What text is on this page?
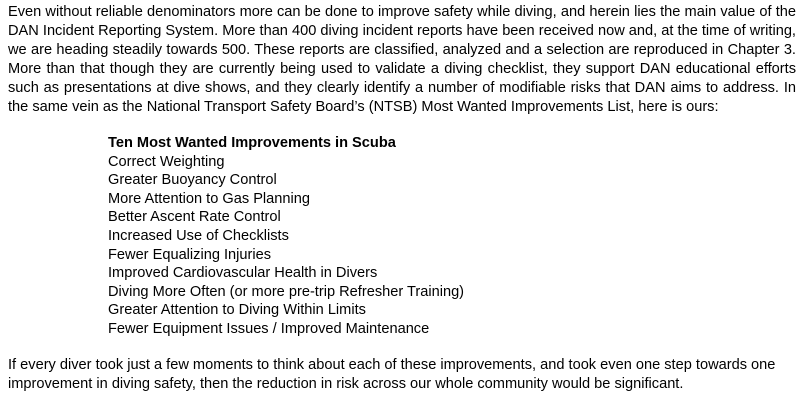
Even without reliable denominators more can be done to improve safety while diving, and herein lies the main value of the DAN Incident Reporting System. More than 400 diving incident reports have been received now and, at the time of writing, we are heading steadily towards 500. These reports are classified, analyzed and a selection are reproduced in Chapter 3. More than that though they are currently being used to validate a diving checklist, they support DAN educational efforts such as presentations at dive shows, and they clearly identify a number of modifiable risks that DAN aims to address. In the same vein as the National Transport Safety Board’s (NTSB) Most Wanted Improvements List, here is ours:

Ten Most Wanted Improvements in Scuba

Correct Weighting
Greater Buoyancy Control
More Attention to Gas Planning
Better Ascent Rate Control
Increased Use of Checklists
Fewer Equalizing Injuries
Improved Cardiovascular Health in Divers
Diving More Often (or more pre-trip Refresher Training)
Greater Attention to Diving Within Limits
Fewer Equipment Issues / Improved Maintenance

If every diver took just a few moments to think about each of these improvements, and took even one step towards one improvement in diving safety, then the reduction in risk across our whole community would be significant.
